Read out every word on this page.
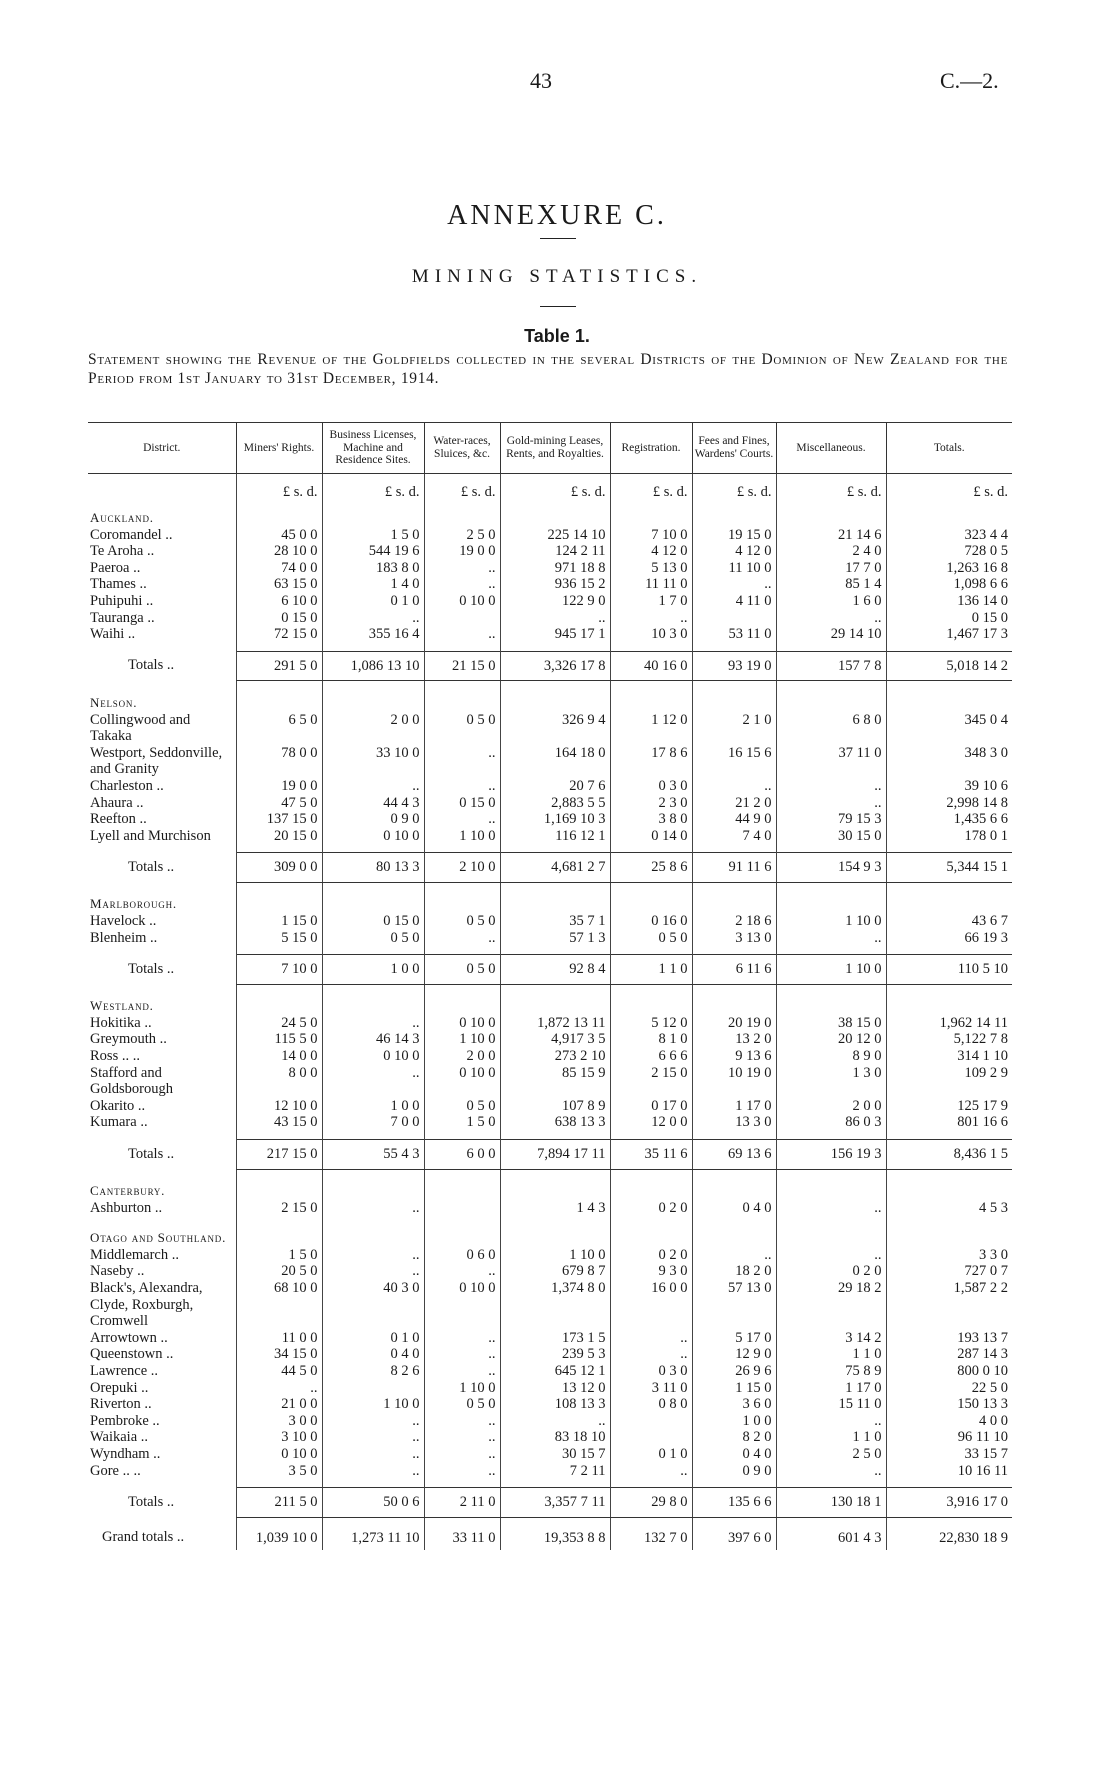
43	C.—2.
ANNEXURE C.
MINING STATISTICS.
Table 1.
Statement showing the Revenue of the Goldfields collected in the several Districts of the Dominion of New Zealand for the Period from 1st January to 31st December, 1914.
District.	Miners' Rights.	Business Licenses, Machine and Residence Sites.	Water-races, Sluices, &c.	Gold-mining Leases, Rents, and Royalties.	Registration.	Fees and Fines, Wardens' Courts.	Miscellaneous.	Totals.
	£ s. d.	£ s. d.	£ s. d.	£ s. d.	£ s. d.	£ s. d.	£ s. d.	£ s. d.
Auckland.								
Coromandel ..	45 0 0	1 5 0	2 5 0	225 14 10	7 10 0	19 15 0	21 14 6	323 4 4
Te Aroha ..	28 10 0	544 19 6	19 0 0	124 2 11	4 12 0	4 12 0	2 4 0	728 0 5
Paeroa ..	74 0 0	183 8 0	..	971 18 8	5 13 0	11 10 0	17 7 0	1,263 16 8
Thames ..	63 15 0	1 4 0	..	936 15 2	11 11 0	..	85 1 4	1,098 6 6
Puhipuhi ..	6 10 0	0 1 0	0 10 0	122 9 0	1 7 0	4 11 0	1 6 0	136 14 0
Tauranga ..	0 15 0	..		..	..		..	0 15 0
Waihi ..	72 15 0	355 16 4	..	945 17 1	10 3 0	53 11 0	29 14 10	1,467 17 3
Totals ..	291 5 0	1,086 13 10	21 15 0	3,326 17 8	40 16 0	93 19 0	157 7 8	5,018 14 2
Nelson.								
Collingwood and Takaka	6 5 0	2 0 0	0 5 0	326 9 4	1 12 0	2 1 0	6 8 0	345 0 4
Westport, Seddonville, and Granity	78 0 0	33 10 0	..	164 18 0	17 8 6	16 15 6	37 11 0	348 3 0
Charleston ..	19 0 0	..	..	20 7 6	0 3 0	..	..	39 10 6
Ahaura ..	47 5 0	44 4 3	0 15 0	2,883 5 5	2 3 0	21 2 0	..	2,998 14 8
Reefton ..	137 15 0	0 9 0	..	1,169 10 3	3 8 0	44 9 0	79 15 3	1,435 6 6
Lyell and Murchison	20 15 0	0 10 0	1 10 0	116 12 1	0 14 0	7 4 0	30 15 0	178 0 1
Totals ..	309 0 0	80 13 3	2 10 0	4,681 2 7	25 8 6	91 11 6	154 9 3	5,344 15 1
Marlborough.								
Havelock ..	1 15 0	0 15 0	0 5 0	35 7 1	0 16 0	2 18 6	1 10 0	43 6 7
Blenheim ..	5 15 0	0 5 0	..	57 1 3	0 5 0	3 13 0	..	66 19 3
Totals ..	7 10 0	1 0 0	0 5 0	92 8 4	1 1 0	6 11 6	1 10 0	110 5 10
Westland.								
Hokitika ..	24 5 0	..	0 10 0	1,872 13 11	5 12 0	20 19 0	38 15 0	1,962 14 11
Greymouth ..	115 5 0	46 14 3	1 10 0	4,917 3 5	8 1 0	13 2 0	20 12 0	5,122 7 8
Ross .. ..	14 0 0	0 10 0	2 0 0	273 2 10	6 6 6	9 13 6	8 9 0	314 1 10
Stafford and Goldsborough	8 0 0	..	0 10 0	85 15 9	2 15 0	10 19 0	1 3 0	109 2 9
Okarito ..	12 10 0	1 0 0	0 5 0	107 8 9	0 17 0	1 17 0	2 0 0	125 17 9
Kumara ..	43 15 0	7 0 0	1 5 0	638 13 3	12 0 0	13 3 0	86 0 3	801 16 6
Totals ..	217 15 0	55 4 3	6 0 0	7,894 17 11	35 11 6	69 13 6	156 19 3	8,436 1 5
Canterbury.								
Ashburton ..	2 15 0	..		1 4 3	0 2 0	0 4 0	..	4 5 3
Otago and Southland.								
Middlemarch ..	1 5 0	..	0 6 0	1 10 0	0 2 0	..	..	3 3 0
Naseby ..	20 5 0	..	..	679 8 7	9 3 0	18 2 0	0 2 0	727 0 7
Black's, Alexandra, Clyde, Roxburgh, Cromwell	68 10 0	40 3 0	0 10 0	1,374 8 0	16 0 0	57 13 0	29 18 2	1,587 2 2
Arrowtown ..	11 0 0	0 1 0	..	173 1 5	..	5 17 0	3 14 2	193 13 7
Queenstown ..	34 15 0	0 4 0	..	239 5 3	..	12 9 0	1 1 0	287 14 3
Lawrence ..	44 5 0	8 2 6	..	645 12 1	0 3 0	26 9 6	75 8 9	800 0 10
Orepuki ..	..		1 10 0	13 12 0	3 11 0	1 15 0	1 17 0	22 5 0
Riverton ..	21 0 0	1 10 0	0 5 0	108 13 3	0 8 0	3 6 0	15 11 0	150 13 3
Pembroke ..	3 0 0	..	..	..		1 0 0	..	4 0 0
Waikaia ..	3 10 0	..	..	83 18 10		8 2 0	1 1 0	96 11 10
Wyndham ..	0 10 0	..	..	30 15 7	0 1 0	0 4 0	2 5 0	33 15 7
Gore .. ..	3 5 0	..	..	7 2 11	..	0 9 0	..	10 16 11
Totals ..	211 5 0	50 0 6	2 11 0	3,357 7 11	29 8 0	135 6 6	130 18 1	3,916 17 0
Grand totals ..	1,039 10 0	1,273 11 10	33 11 0	19,353 8 8	132 7 0	397 6 0	601 4 3	22,830 18 9
